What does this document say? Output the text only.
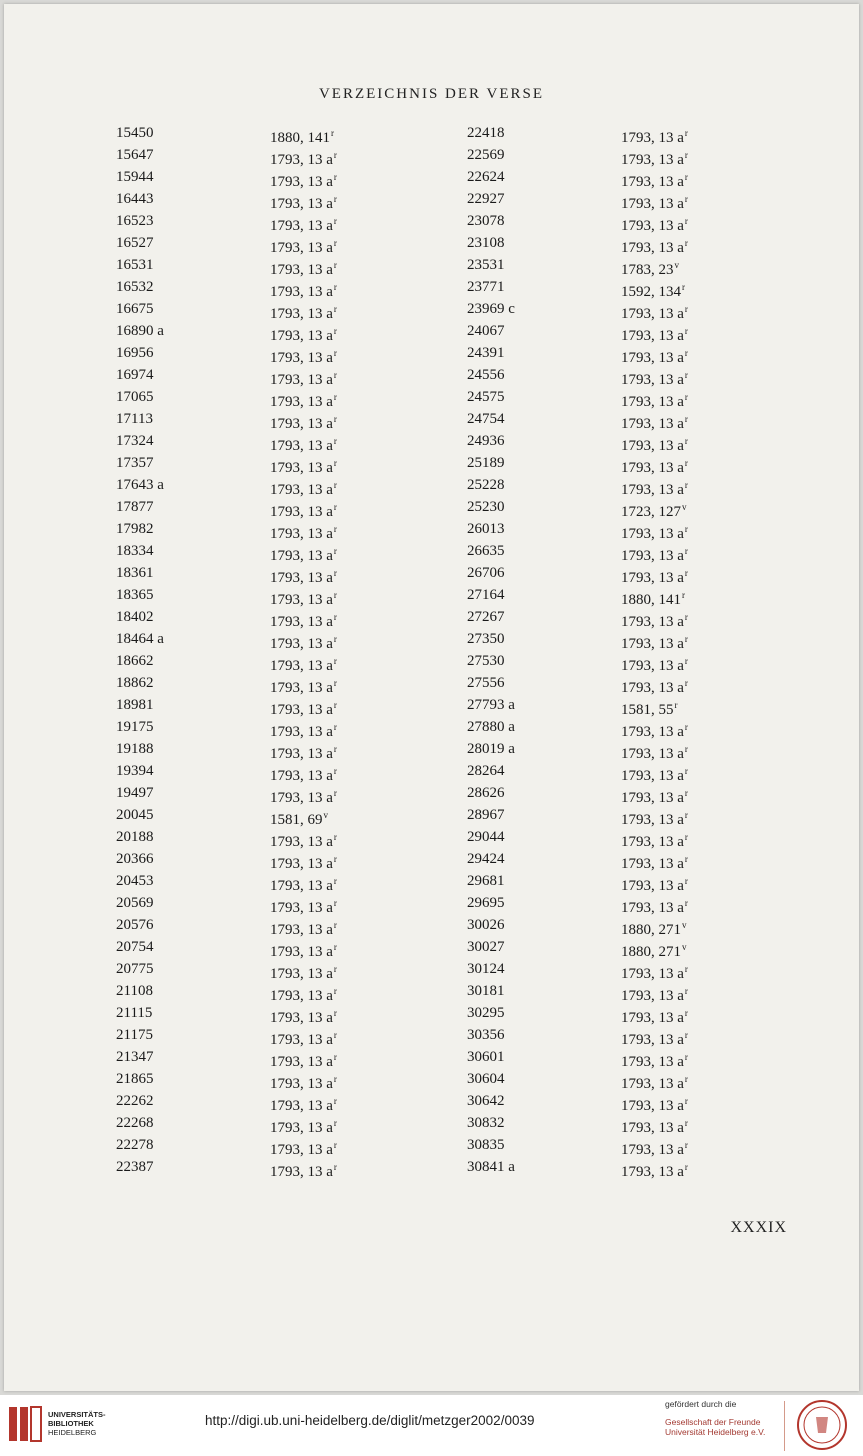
VERZEICHNIS DER VERSE
15450	1880, 141$^r$	22418	1793, 13 $a^r$
15647	1793, 13 $a^r$	22569	1793, 13 $a^r$
15944	1793, 13 $a^r$	22624	1793, 13 $a^r$
16443	1793, 13 $a^r$	22927	1793, 13 $a^r$
16523	1793, 13 $a^r$	23078	1793, 13 $a^r$
16527	1793, 13 $a^r$	23108	1793, 13 $a^r$
16531	1793, 13 $a^r$	23531	1783, 23$^v$
16532	1793, 13 $a^r$	23771	1592, 134$^r$
16675	1793, 13 $a^r$	23969 c	1793, 13 $a^r$
16890 a	1793, 13 $a^r$	24067	1793, 13 $a^r$
16956	1793, 13 $a^r$	24391	1793, 13 $a^r$
16974	1793, 13 $a^r$	24556	1793, 13 $a^r$
17065	1793, 13 $a^r$	24575	1793, 13 $a^r$
17113	1793, 13 $a^r$	24754	1793, 13 $a^r$
17324	1793, 13 $a^r$	24936	1793, 13 $a^r$
17357	1793, 13 $a^r$	25189	1793, 13 $a^r$
17643 a	1793, 13 $a^r$	25228	1793, 13 $a^r$
17877	1793, 13 $a^r$	25230	1723, 127$^v$
17982	1793, 13 $a^r$	26013	1793, 13 $a^r$
18334	1793, 13 $a^r$	26635	1793, 13 $a^r$
18361	1793, 13 $a^r$	26706	1793, 13 $a^r$
18365	1793, 13 $a^r$	27164	1880, 141$^r$
18402	1793, 13 $a^r$	27267	1793, 13 $a^r$
18464 a	1793, 13 $a^r$	27350	1793, 13 $a^r$
18662	1793, 13 $a^r$	27530	1793, 13 $a^r$
18862	1793, 13 $a^r$	27556	1793, 13 $a^r$
18981	1793, 13 $a^r$	27793 a	1581, 55$^r$
19175	1793, 13 $a^r$	27880 a	1793, 13 $a^r$
19188	1793, 13 $a^r$	28019 a	1793, 13 $a^r$
19394	1793, 13 $a^r$	28264	1793, 13 $a^r$
19497	1793, 13 $a^r$	28626	1793, 13 $a^r$
20045	1581, 69$^v$	28967	1793, 13 $a^r$
20188	1793, 13 $a^r$	29044	1793, 13 $a^r$
20366	1793, 13 $a^r$	29424	1793, 13 $a^r$
20453	1793, 13 $a^r$	29681	1793, 13 $a^r$
20569	1793, 13 $a^r$	29695	1793, 13 $a^r$
20576	1793, 13 $a^r$	30026	1880, 271$^v$
20754	1793, 13 $a^r$	30027	1880, 271$^v$
20775	1793, 13 $a^r$	30124	1793, 13 $a^r$
21108	1793, 13 $a^r$	30181	1793, 13 $a^r$
21115	1793, 13 $a^r$	30295	1793, 13 $a^r$
21175	1793, 13 $a^r$	30356	1793, 13 $a^r$
21347	1793, 13 $a^r$	30601	1793, 13 $a^r$
21865	1793, 13 $a^r$	30604	1793, 13 $a^r$
22262	1793, 13 $a^r$	30642	1793, 13 $a^r$
22268	1793, 13 $a^r$	30832	1793, 13 $a^r$
22278	1793, 13 $a^r$	30835	1793, 13 $a^r$
22387	1793, 13 $a^r$	30841 a	1793, 13 $a^r$
XXXIX
UNIVERSITÄTS-
BIBLIOTHEK
HEIDELBERG
http://digi.ub.uni-heidelberg.de/diglit/metzger2002/0039
gefördert durch die
Gesellschaft der Freunde
Universität Heidelberg e.V.
